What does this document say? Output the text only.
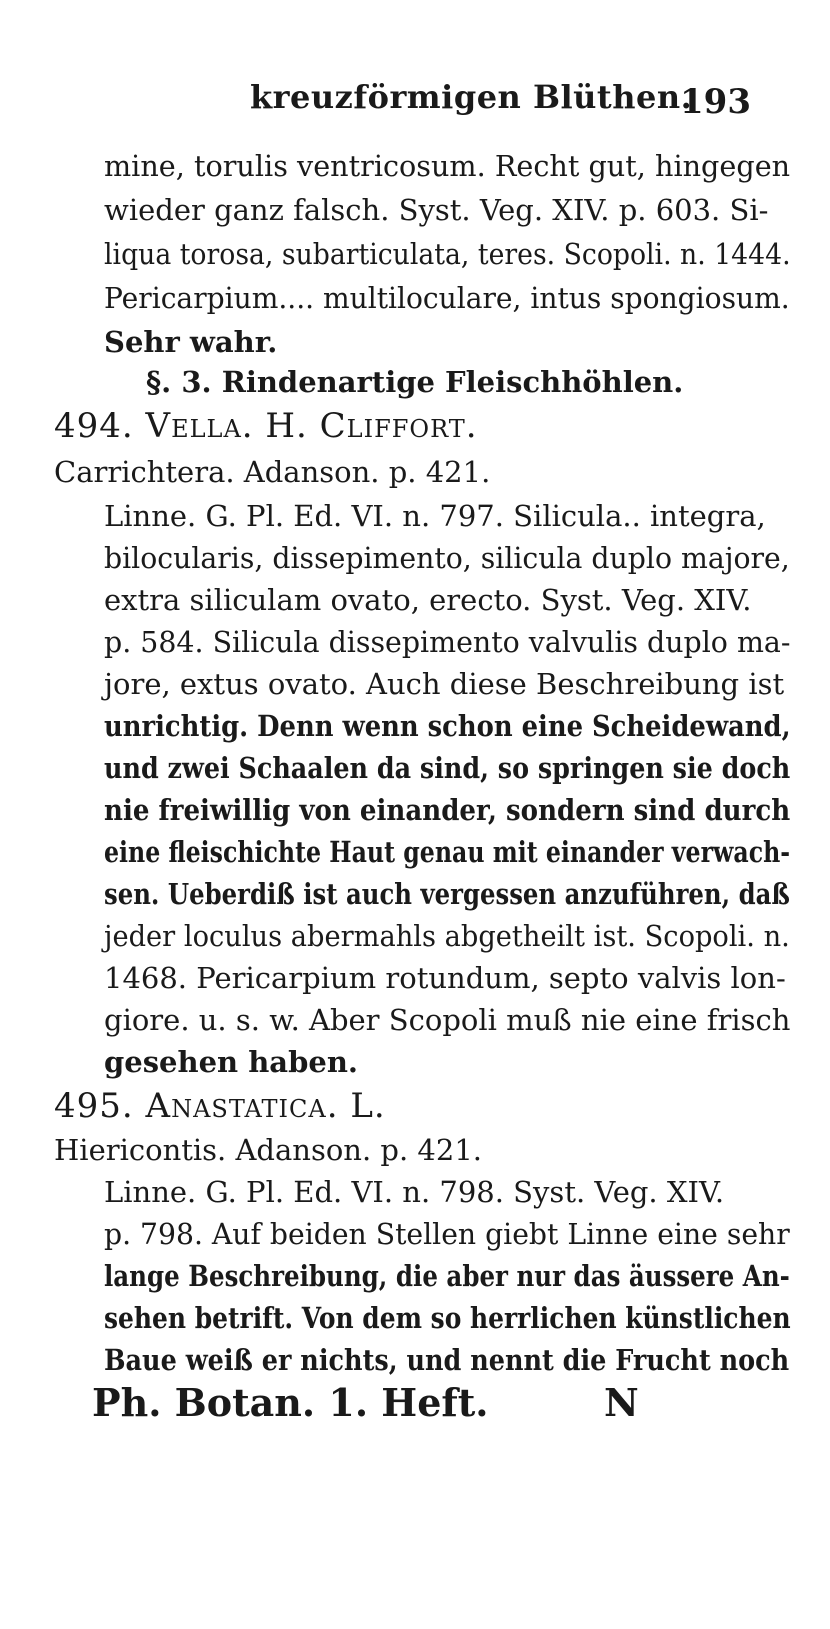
kreuzförmigen Blüthen.
193
mine, torulis ventricosum. Recht gut, hingegen
wieder ganz falsch. Syst. Veg. XIV. p. 603. Si-
liqua torosa, subarticulata, teres. Scopoli. n. 1444.
Pericarpium.... multiloculare, intus spongiosum.
Sehr wahr.
§. 3. Rindenartige Fleischhöhlen.
494. Vella. H. Cliffort.
Carrichtera. Adanson. p. 421.
Linne. G. Pl. Ed. VI. n. 797. Silicula.. integra,
bilocularis, dissepimento, silicula duplo majore,
extra siliculam ovato, erecto. Syst. Veg. XIV.
p. 584. Silicula dissepimento valvulis duplo ma-
jore, extus ovato. Auch diese Beschreibung ist
unrichtig. Denn wenn schon eine Scheidewand,
und zwei Schaalen da sind, so springen sie doch
nie freiwillig von einander, sondern sind durch
eine fleischichte Haut genau mit einander verwach-
sen. Ueberdiß ist auch vergessen anzuführen, daß
jeder loculus abermahls abgetheilt ist. Scopoli. n.
1468. Pericarpium rotundum, septo valvis lon-
giore. u. s. w. Aber Scopoli muß nie eine frisch
gesehen haben.
495. Anastatica. L.
Hiericontis. Adanson. p. 421.
Linne. G. Pl. Ed. VI. n. 798. Syst. Veg. XIV.
p. 798. Auf beiden Stellen giebt Linne eine sehr
lange Beschreibung, die aber nur das äussere An-
sehen betrift. Von dem so herrlichen künstlichen
Baue weiß er nichts, und nennt die Frucht noch
Ph. Botan. 1. Heft.	N
